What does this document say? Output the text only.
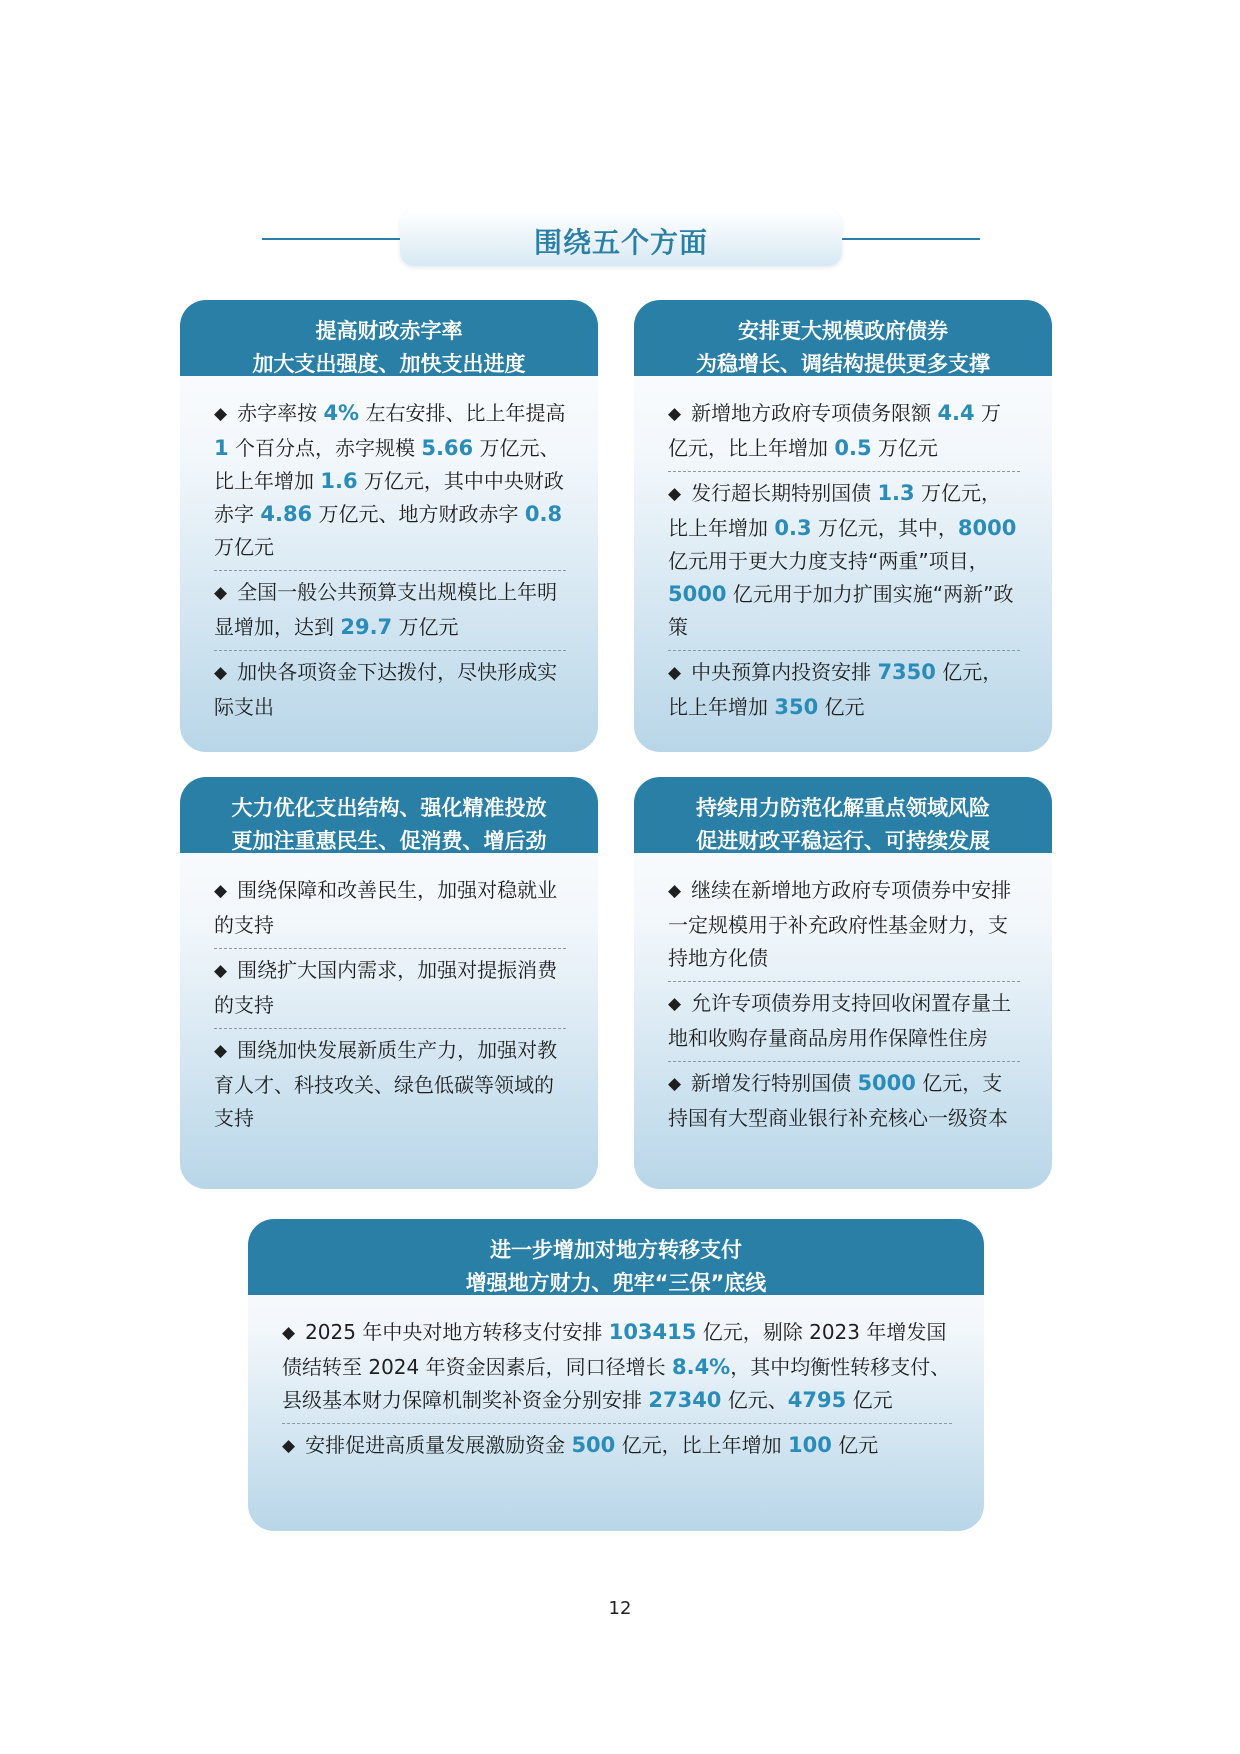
围绕五个方面
提高财政赤字率
加大支出强度、加快支出进度
◆ 赤字率按 4% 左右安排、比上年提高 1 个百分点，赤字规模 5.66 万亿元、比上年增加 1.6 万亿元，其中中央财政赤字 4.86 万亿元、地方财政赤字 0.8 万亿元
◆ 全国一般公共预算支出规模比上年明显增加，达到 29.7 万亿元
◆ 加快各项资金下达拨付，尽快形成实际支出
安排更大规模政府债券
为稳增长、调结构提供更多支撑
◆ 新增地方政府专项债务限额 4.4 万亿元，比上年增加 0.5 万亿元
◆ 发行超长期特别国债 1.3 万亿元，比上年增加 0.3 万亿元，其中，8000 亿元用于更大力度支持“两重”项目，5000 亿元用于加力扩围实施“两新”政策
◆ 中央预算内投资安排 7350 亿元，比上年增加 350 亿元
大力优化支出结构、强化精准投放
更加注重惠民生、促消费、增后劲
◆ 围绕保障和改善民生，加强对稳就业的支持
◆ 围绕扩大国内需求，加强对提振消费的支持
◆ 围绕加快发展新质生产力，加强对教育人才、科技攻关、绿色低碳等领域的支持
持续用力防范化解重点领域风险
促进财政平稳运行、可持续发展
◆ 继续在新增地方政府专项债券中安排一定规模用于补充政府性基金财力，支持地方化债
◆ 允许专项债券用支持回收闲置存量土地和收购存量商品房用作保障性住房
◆ 新增发行特别国债 5000 亿元，支持国有大型商业银行补充核心一级资本
进一步增加对地方转移支付
增强地方财力、兜牢“三保”底线
◆ 2025 年中央对地方转移支付安排 103415 亿元，剔除 2023 年增发国债结转至 2024 年资金因素后，同口径增长 8.4%，其中均衡性转移支付、县级基本财力保障机制奖补资金分别安排 27340 亿元、4795 亿元
◆ 安排促进高质量发展激励资金 500 亿元，比上年增加 100 亿元
12
